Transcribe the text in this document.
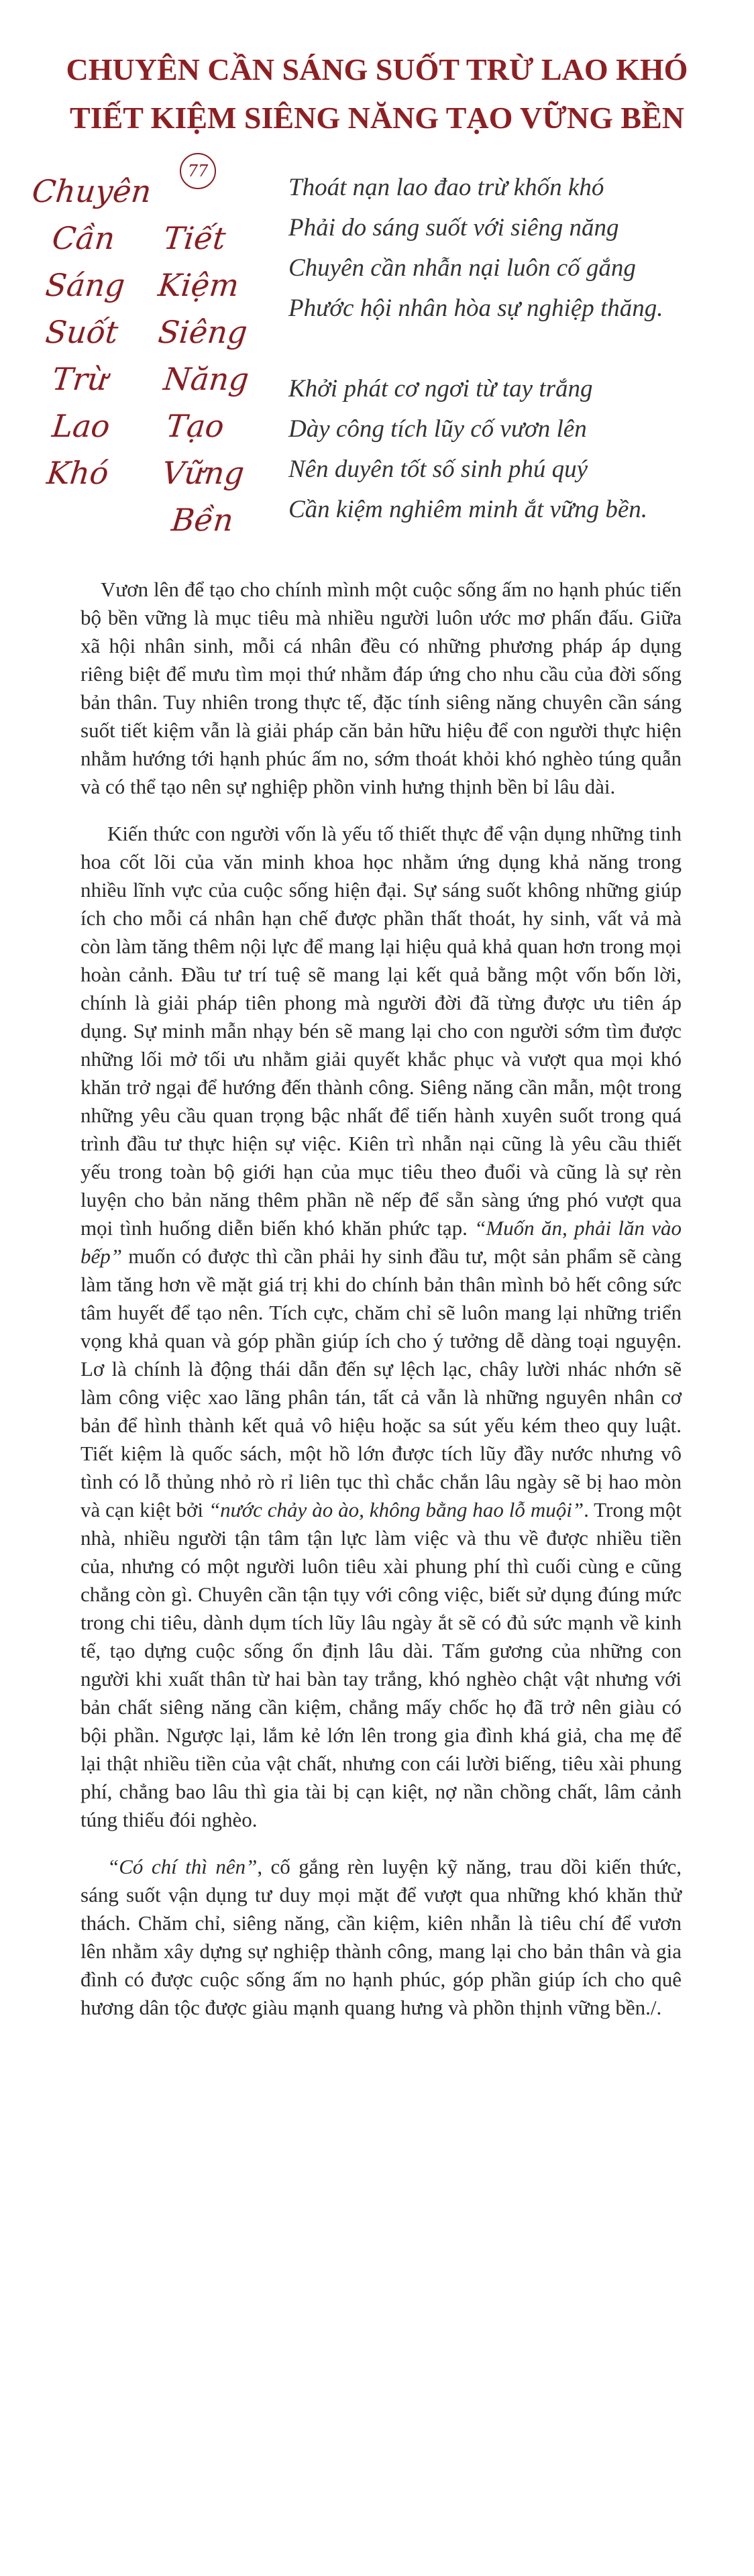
CHUYÊN CẦN SÁNG SUỐT TRỪ LAO KHÓ
TIẾT KIỆM SIÊNG NĂNG TẠO VỮNG BỀN
77
Chuyên
Cần
Sáng
Suốt
Trừ
Lao
Khó
Tiết
Kiệm
Siêng
Năng
Tạo
Vững
Bền
Thoát nạn lao đao trừ khốn khó
Phải do sáng suốt với siêng năng
Chuyên cần nhẫn nại luôn cố gắng
Phước hội nhân hòa sự nghiệp thăng.
Khởi phát cơ ngơi từ tay trắng
Dày công tích lũy cố vươn lên
Nên duyên tốt số sinh phú quý
Cần kiệm nghiêm minh ắt vững bền.

Vươn lên để tạo cho chính mình một cuộc sống ấm no hạnh phúc tiến bộ bền vững là mục tiêu mà nhiều người luôn ước mơ phấn đấu. Giữa xã hội nhân sinh, mỗi cá nhân đều có những phương pháp áp dụng riêng biệt để mưu tìm mọi thứ nhằm đáp ứng cho nhu cầu của đời sống bản thân. Tuy nhiên trong thực tế, đặc tính siêng năng chuyên cần sáng suốt tiết kiệm vẫn là giải pháp căn bản hữu hiệu để con người thực hiện nhằm hướng tới hạnh phúc ấm no, sớm thoát khỏi khó nghèo túng quẫn và có thể tạo nên sự nghiệp phồn vinh hưng thịnh bền bỉ lâu dài.

Kiến thức con người vốn là yếu tố thiết thực để vận dụng những tinh hoa cốt lõi của văn minh khoa học nhằm ứng dụng khả năng trong nhiều lĩnh vực của cuộc sống hiện đại. Sự sáng suốt không những giúp ích cho mỗi cá nhân hạn chế được phần thất thoát, hy sinh, vất vả mà còn làm tăng thêm nội lực để mang lại hiệu quả khả quan hơn trong mọi hoàn cảnh. Đầu tư trí tuệ sẽ mang lại kết quả bằng một vốn bốn lời, chính là giải pháp tiên phong mà người đời đã từng được ưu tiên áp dụng. Sự minh mẫn nhạy bén sẽ mang lại cho con người sớm tìm được những lối mở tối ưu nhằm giải quyết khắc phục và vượt qua mọi khó khăn trở ngại để hướng đến thành công. Siêng năng cần mẫn, một trong những yêu cầu quan trọng bậc nhất để tiến hành xuyên suốt trong quá trình đầu tư thực hiện sự việc. Kiên trì nhẫn nại cũng là yêu cầu thiết yếu trong toàn bộ giới hạn của mục tiêu theo đuổi và cũng là sự rèn luyện cho bản năng thêm phần nề nếp để sẵn sàng ứng phó vượt qua mọi tình huống diễn biến khó khăn phức tạp. “Muốn ăn, phải lăn vào bếp” muốn có được thì cần phải hy sinh đầu tư, một sản phẩm sẽ càng làm tăng hơn về mặt giá trị khi do chính bản thân mình bỏ hết công sức tâm huyết để tạo nên. Tích cực, chăm chỉ sẽ luôn mang lại những triển vọng khả quan và góp phần giúp ích cho ý tưởng dễ dàng toại nguyện. Lơ là chính là động thái dẫn đến sự lệch lạc, chây lười nhác nhớn sẽ làm công việc xao lãng phân tán, tất cả vẫn là những nguyên nhân cơ bản để hình thành kết quả vô hiệu hoặc sa sút yếu kém theo quy luật. Tiết kiệm là quốc sách, một hồ lớn được tích lũy đầy nước nhưng vô tình có lỗ thủng nhỏ rò rỉ liên tục thì chắc chắn lâu ngày sẽ bị hao mòn và cạn kiệt bởi “nước chảy ào ào, không bằng hao lỗ muội”. Trong một nhà, nhiều người tận tâm tận lực làm việc và thu về được nhiều tiền của, nhưng có một người luôn tiêu xài phung phí thì cuối cùng e cũng chẳng còn gì. Chuyên cần tận tụy với công việc, biết sử dụng đúng mức trong chi tiêu, dành dụm tích lũy lâu ngày ắt sẽ có đủ sức mạnh về kinh tế, tạo dựng cuộc sống ổn định lâu dài. Tấm gương của những con người khi xuất thân từ hai bàn tay trắng, khó nghèo chật vật nhưng với bản chất siêng năng cần kiệm, chẳng mấy chốc họ đã trở nên giàu có bội phần. Ngược lại, lắm kẻ lớn lên trong gia đình khá giả, cha mẹ để lại thật nhiều tiền của vật chất, nhưng con cái lười biếng, tiêu xài phung phí, chẳng bao lâu thì gia tài bị cạn kiệt, nợ nần chồng chất, lâm cảnh túng thiếu đói nghèo.

“Có chí thì nên”, cố gắng rèn luyện kỹ năng, trau dồi kiến thức, sáng suốt vận dụng tư duy mọi mặt để vượt qua những khó khăn thử thách. Chăm chỉ, siêng năng, cần kiệm, kiên nhẫn là tiêu chí để vươn lên nhằm xây dựng sự nghiệp thành công, mang lại cho bản thân và gia đình có được cuộc sống ấm no hạnh phúc, góp phần giúp ích cho quê hương dân tộc được giàu mạnh quang hưng và phồn thịnh vững bền./.
